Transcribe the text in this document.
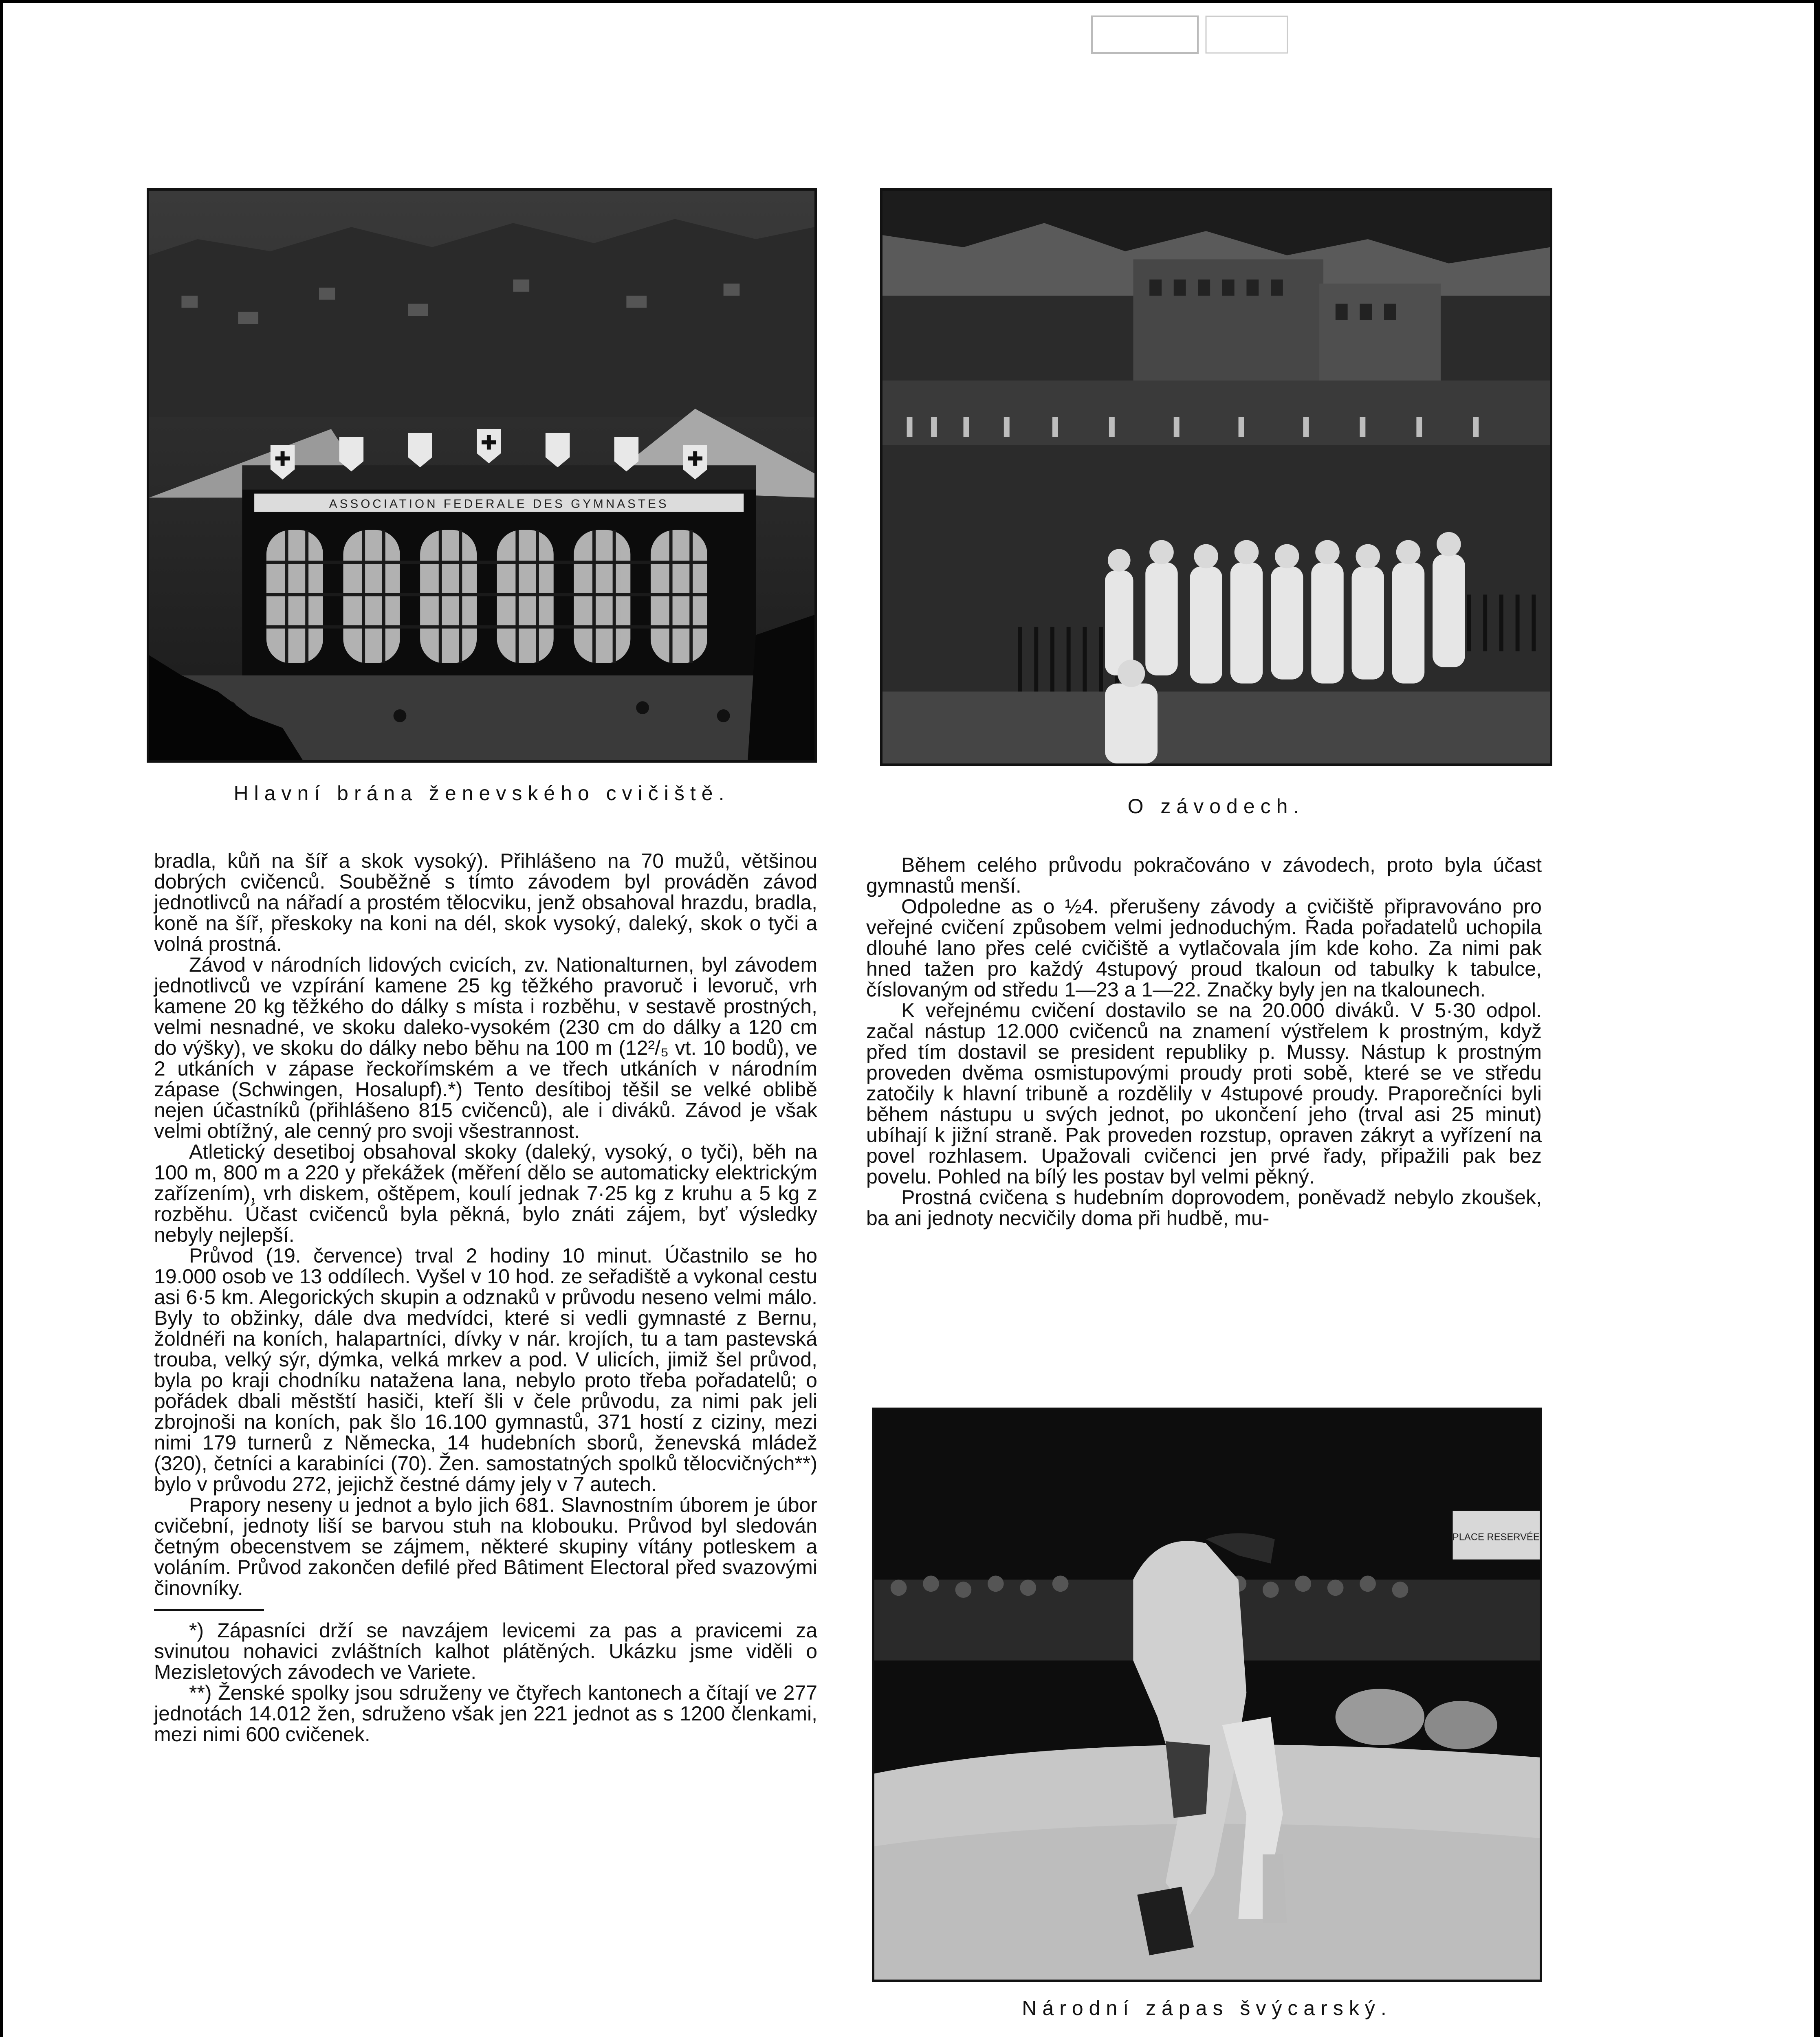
ASSOCIATION FEDERALE DES GYMNASTES
Hlavní brána ženevského cvičiště.
O závodech.

bradla, kůň na šíř a skok vysoký). Přihlášeno na 70 mužů, většinou dobrých cvičenců. Souběžně s tímto závodem byl prováděn závod jednotlivců na nářadí a prostém tělocviku, jenž obsahoval hrazdu, bradla, koně na šíř, přeskoky na koni na dél, skok vysoký, daleký, skok o tyči a volná prostná.

Závod v národních lidových cvicích, zv. Nationalturnen, byl závodem jednotlivců ve vzpírání kamene 25 kg těžkého pravoruč i levoruč, vrh kamene 20 kg těžkého do dálky s místa i rozběhu, v sestavě prostných, velmi nesnadné, ve skoku daleko-vysokém (230 cm do dálky a 120 cm do výšky), ve skoku do dálky nebo běhu na 100 m (12²/₅ vt. 10 bodů), ve 2 utkáních v zápase řeckořímském a ve třech utkáních v národním zápase (Schwingen, Hosalupf).*) Tento desítiboj těšil se velké oblibě nejen účastníků (přihlášeno 815 cvičenců), ale i diváků. Závod je však velmi obtížný, ale cenný pro svoji všestrannost.

Atletický desetiboj obsahoval skoky (daleký, vysoký, o tyči), běh na 100 m, 800 m a 220 y překážek (měření dělo se automaticky elektrickým zařízením), vrh diskem, oštěpem, koulí jednak 7·25 kg z kruhu a 5 kg z rozběhu. Účast cvičenců byla pěkná, bylo znáti zájem, byť výsledky nebyly nejlepší.

Průvod (19. července) trval 2 hodiny 10 minut. Účastnilo se ho 19.000 osob ve 13 oddílech. Vyšel v 10 hod. ze seřadiště a vykonal cestu asi 6·5 km. Alegorických skupin a odznaků v průvodu neseno velmi málo. Byly to obžinky, dále dva medvídci, které si vedli gymnasté z Bernu, žoldnéři na koních, halapartníci, dívky v nár. krojích, tu a tam pastevská trouba, velký sýr, dýmka, velká mrkev a pod. V ulicích, jimiž šel průvod, byla po kraji chodníku natažena lana, nebylo proto třeba pořadatelů; o pořádek dbali městští hasiči, kteří šli v čele průvodu, za nimi pak jeli zbrojnoši na koních, pak šlo 16.100 gymnastů, 371 hostí z ciziny, mezi nimi 179 turnerů z Německa, 14 hudebních sborů, ženevská mládež (320), četníci a karabiníci (70). Žen. samostatných spolků tělocvičných**) bylo v průvodu 272, jejichž čestné dámy jely v 7 autech.

Prapory neseny u jednot a bylo jich 681. Slavnostním úborem je úbor cvičební, jednoty liší se barvou stuh na klobouku. Průvod byl sledován četným obecenstvem se zájmem, některé skupiny vítány potleskem a voláním. Průvod zakončen defilé před Bâtiment Electoral před svazovými činovníky.

*) Zápasníci drží se navzájem levicemi za pas a pravicemi za svinutou nohavici zvláštních kalhot plátěných. Ukázku jsme viděli o Mezisletových závodech ve Variete.

**) Ženské spolky jsou sdruženy ve čtyřech kantonech a čítají ve 277 jednotách 14.012 žen, sdruženo však jen 221 jednot as s 1200 členkami, mezi nimi 600 cvičenek.

Během celého průvodu pokračováno v závodech, proto byla účast gymnastů menší.

Odpoledne as o ½4. přerušeny závody a cvičiště připravováno pro veřejné cvičení způsobem velmi jednoduchým. Řada pořadatelů uchopila dlouhé lano přes celé cvičiště a vytlačovala jím kde koho. Za nimi pak hned tažen pro každý 4stupový proud tkaloun od tabulky k tabulce, číslovaným od středu 1—23 a 1—22. Značky byly jen na tkalounech.

K veřejnému cvičení dostavilo se na 20.000 diváků. V 5·30 odpol. začal nástup 12.000 cvičenců na znamení výstřelem k prostným, když před tím dostavil se president republiky p. Mussy. Nástup k prostným proveden dvěma osmistupovými proudy proti sobě, které se ve středu zatočily k hlavní tribuně a rozdělily v 4stupové proudy. Praporečníci byli během nástupu u svých jednot, po ukončení jeho (trval asi 25 minut) ubíhají k jižní straně. Pak proveden rozstup, opraven zákryt a vyřízení na povel rozhlasem. Upažovali cvičenci jen prvé řady, připažili pak bez povelu. Pohled na bílý les postav byl velmi pěkný.

Prostná cvičena s hudebním doprovodem, poněvadž nebylo zkoušek, ba ani jednoty necvičily doma při hudbě, mu-

PLACE RESERVÉE
Národní zápas švýcarský.
